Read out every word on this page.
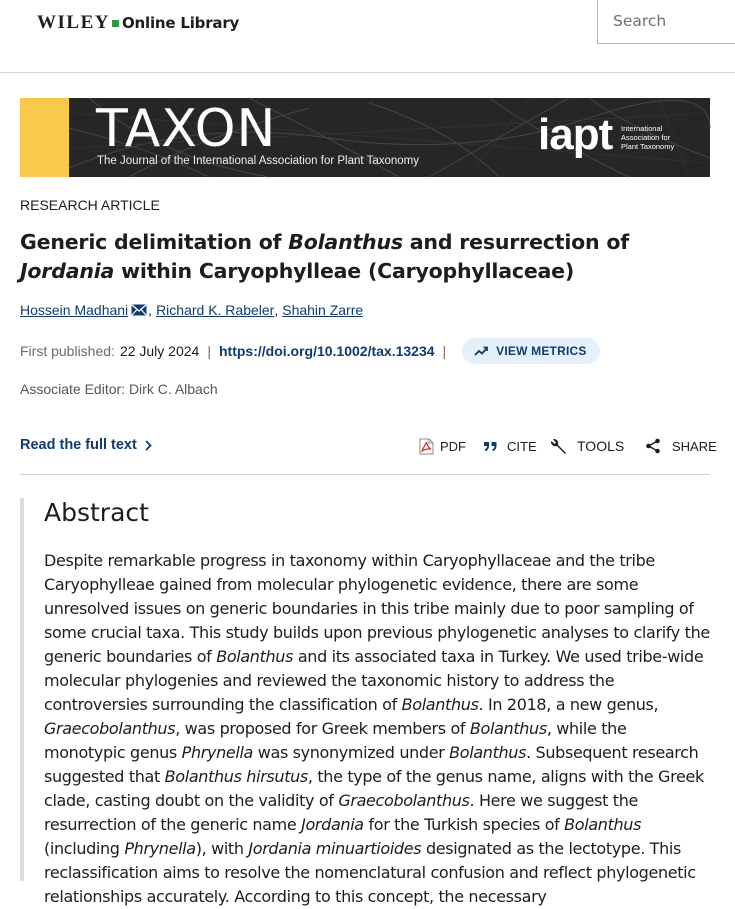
WILEY Online Library	Search
TAXON
The Journal of the International Association for Plant Taxonomy
iapt International
Association for
Plant Taxonomy
RESEARCH ARTICLE
Generic delimitation of Bolanthus and resurrection of Jordania within Caryophylleae (Caryophyllaceae)
Hossein Madhani , Richard K. Rabeler , Shahin Zarre
First published: 22 July 2024 | https://doi.org/10.1002/tax.13234 |	VIEW METRICS
Associate Editor: Dirk C. Albach
Read the full text	PDF	CITE	TOOLS	SHARE
Abstract

Despite remarkable progress in taxonomy within Caryophyllaceae and the tribe Caryophylleae gained from molecular phylogenetic evidence, there are some unresolved issues on generic boundaries in this tribe mainly due to poor sampling of some crucial taxa. This study builds upon previous phylogenetic analyses to clarify the generic boundaries of Bolanthus and its associated taxa in Turkey. We used tribe-wide molecular phylogenies and reviewed the taxonomic history to address the controversies surrounding the classification of Bolanthus. In 2018, a new genus, Graecobolanthus, was proposed for Greek members of Bolanthus, while the monotypic genus Phrynella was synonymized under Bolanthus. Subsequent research suggested that Bolanthus hirsutus, the type of the genus name, aligns with the Greek clade, casting doubt on the validity of Graecobolanthus. Here we suggest the resurrection of the generic name Jordania for the Turkish species of Bolanthus (including Phrynella), with Jordania minuartioides designated as the lectotype. This reclassification aims to resolve the nomenclatural confusion and reflect phylogenetic relationships accurately. According to this concept, the necessary
